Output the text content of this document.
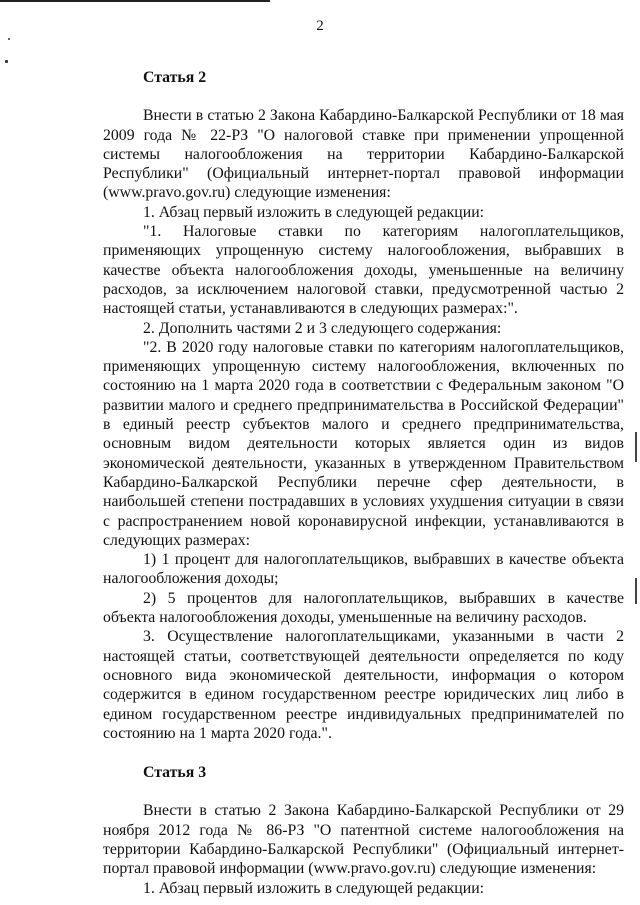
2
Статья 2

Внести в статью 2 Закона Кабардино-Балкарской Республики от 18 мая 2009 года № 22-РЗ "О налоговой ставке при применении упрощенной системы налогообложения на территории Кабардино-Балкарской Республики" (Официальный интернет-портал правовой информации (www.pravo.gov.ru) следующие изменения:

1. Абзац первый изложить в следующей редакции:

"1. Налоговые ставки по категориям налогоплательщиков, применяющих упрощенную систему налогообложения, выбравших в качестве объекта налогообложения доходы, уменьшенные на величину расходов, за исключением налоговой ставки, предусмотренной частью 2 настоящей статьи, устанавливаются в следующих размерах:".

2. Дополнить частями 2 и 3 следующего содержания:

"2. В 2020 году налоговые ставки по категориям налогоплательщиков, применяющих упрощенную систему налогообложения, включенных по состоянию на 1 марта 2020 года в соответствии с Федеральным законом "О развитии малого и среднего предпринимательства в Российской Федерации" в единый реестр субъектов малого и среднего предпринимательства, основным видом деятельности которых является один из видов экономической деятельности, указанных в утвержденном Правительством Кабардино-Балкарской Республики перечне сфер деятельности, в наибольшей степени пострадавших в условиях ухудшения ситуации в связи с распространением новой коронавирусной инфекции, устанавливаются в следующих размерах:

1) 1 процент для налогоплательщиков, выбравших в качестве объекта налогообложения доходы;

2) 5 процентов для налогоплательщиков, выбравших в качестве объекта налогообложения доходы, уменьшенные на величину расходов.

3. Осуществление налогоплательщиками, указанными в части 2 настоящей статьи, соответствующей деятельности определяется по коду основного вида экономической деятельности, информация о котором содержится в едином государственном реестре юридических лиц либо в едином государственном реестре индивидуальных предпринимателей по состоянию на 1 марта 2020 года.".

Статья 3

Внести в статью 2 Закона Кабардино-Балкарской Республики от 29 ноября 2012 года № 86-РЗ "О патентной системе налогообложения на территории Кабардино-Балкарской Республики" (Официальный интернет-портал правовой информации (www.pravo.gov.ru) следующие изменения:

1. Абзац первый изложить в следующей редакции:
